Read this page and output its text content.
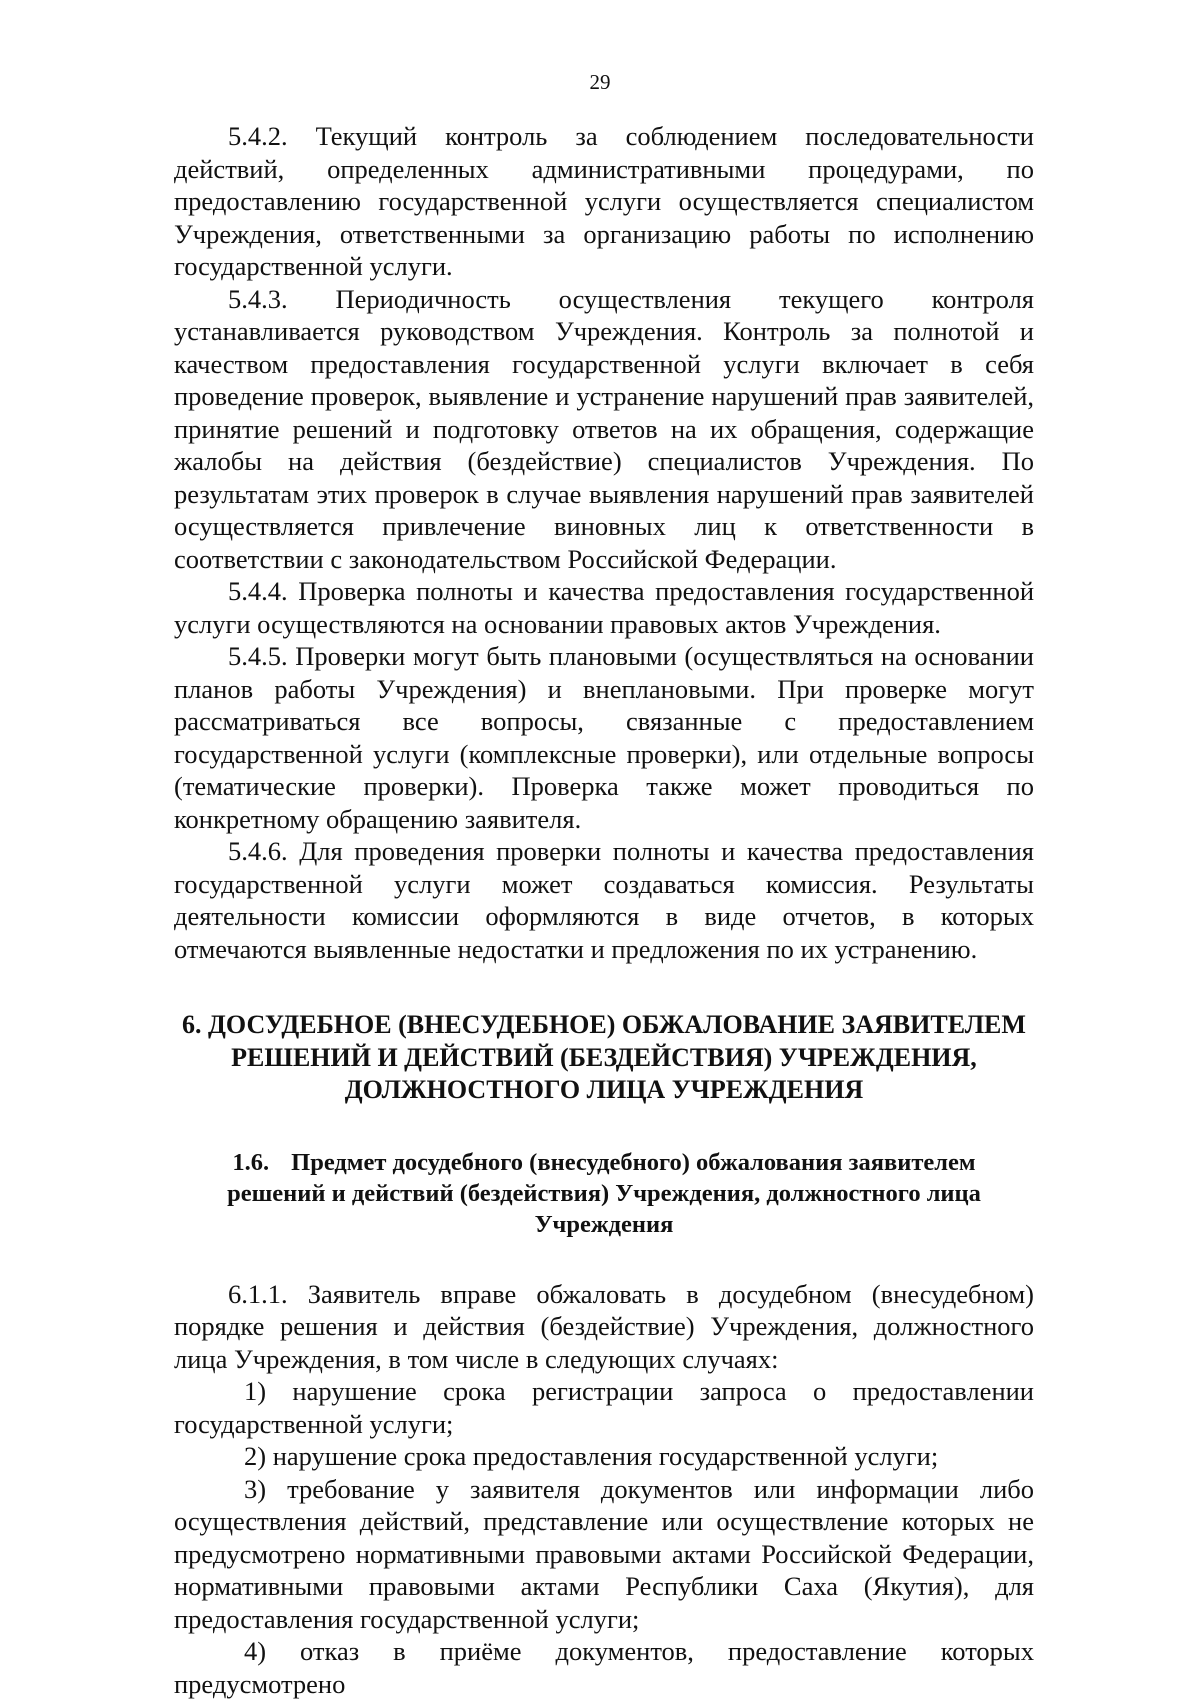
29

5.4.2. Текущий контроль за соблюдением последовательности действий, определенных административными процедурами, по предоставлению государственной услуги осуществляется специалистом Учреждения, ответственными за организацию работы по исполнению государственной услуги.

5.4.3. Периодичность осуществления текущего контроля устанавливается руководством Учреждения. Контроль за полнотой и качеством предоставления государственной услуги включает в себя проведение проверок, выявление и устранение нарушений прав заявителей, принятие решений и подготовку ответов на их обращения, содержащие жалобы на действия (бездействие) специалистов Учреждения. По результатам этих проверок в случае выявления нарушений прав заявителей осуществляется привлечение виновных лиц к ответственности в соответствии с законодательством Российской Федерации.

5.4.4. Проверка полноты и качества предоставления государственной услуги осуществляются на основании правовых актов Учреждения.

5.4.5. Проверки могут быть плановыми (осуществляться на основании планов работы Учреждения) и внеплановыми. При проверке могут рассматриваться все вопросы, связанные с предоставлением государственной услуги (комплексные проверки), или отдельные вопросы (тематические проверки). Проверка также может проводиться по конкретному обращению заявителя.

5.4.6. Для проведения проверки полноты и качества предоставления государственной услуги может создаваться комиссия. Результаты деятельности комиссии оформляются в виде отчетов, в которых отмечаются выявленные недостатки и предложения по их устранению.

6. ДОСУДЕБНОЕ (ВНЕСУДЕБНОЕ) ОБЖАЛОВАНИЕ ЗАЯВИТЕЛЕМ РЕШЕНИЙ И ДЕЙСТВИЙ (БЕЗДЕЙСТВИЯ) УЧРЕЖДЕНИЯ, ДОЛЖНОСТНОГО ЛИЦА УЧРЕЖДЕНИЯ
1.6. Предмет досудебного (внесудебного) обжалования заявителем решений и действий (бездействия) Учреждения, должностного лица Учреждения

6.1.1. Заявитель вправе обжаловать в досудебном (внесудебном) порядке решения и действия (бездействие) Учреждения, должностного лица Учреждения, в том числе в следующих случаях:

1) нарушение срока регистрации запроса о предоставлении государственной услуги;

2) нарушение срока предоставления государственной услуги;

3) требование у заявителя документов или информации либо осуществления действий, представление или осуществление которых не предусмотрено нормативными правовыми актами Российской Федерации, нормативными правовыми актами Республики Саха (Якутия), для предоставления государственной услуги;

4) отказ в приёме документов, предоставление которых предусмотрено
